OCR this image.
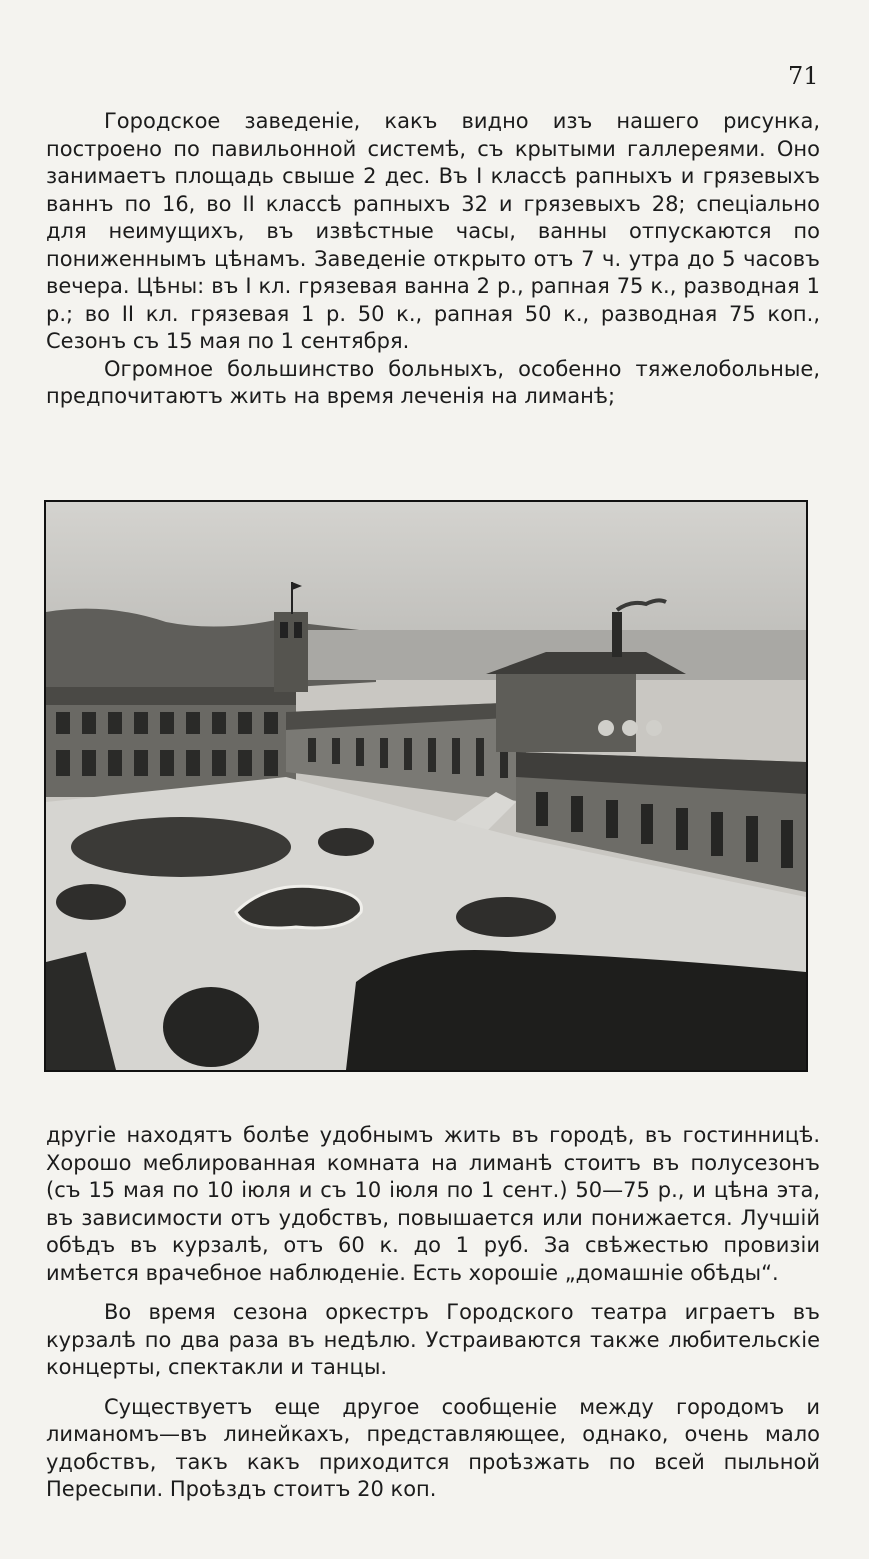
71

Городское заведеніе, какъ видно изъ нашего рисунка, построено по павильонной системѣ, съ крытыми галлереями. Оно занимаетъ площадь свыше 2 дес. Въ I классѣ рапныхъ и грязевыхъ ваннъ по 16, во II классѣ рапныхъ 32 и грязевыхъ 28; спеціально для неимущихъ, въ извѣстные часы, ванны отпускаются по пониженнымъ цѣнамъ. Заведеніе открыто отъ 7 ч. утра до 5 часовъ вечера. Цѣны: въ I кл. грязевая ванна 2 р., рапная 75 к., разводная 1 р.; во II кл. грязевая 1 р. 50 к., рапная 50 к., разводная 75 коп., Сезонъ съ 15 мая по 1 сентября.

Огромное большинство больныхъ, особенно тяжелобольные, предпочитаютъ жить на время леченія на лиманѣ;

другіе находятъ болѣе удобнымъ жить въ городѣ, въ гостинницѣ. Хорошо меблированная комната на лиманѣ стоитъ въ полусезонъ (съ 15 мая по 10 іюля и съ 10 іюля по 1 сент.) 50—75 р., и цѣна эта, въ зависимости отъ удобствъ, повышается или понижается. Лучшій обѣдъ въ курзалѣ, отъ 60 к. до 1 руб. За свѣжестью провизіи имѣется врачебное наблюденіе. Есть хорошіе „домашніе обѣды“.

Во время сезона оркестръ Городского театра играетъ въ курзалѣ по два раза въ недѣлю. Устраиваются также любительскіе концерты, спектакли и танцы.

Существуетъ еще другое сообщеніе между городомъ и лиманомъ—въ линейкахъ, представляющее, однако, очень мало удобствъ, такъ какъ приходится проѣзжать по всей пыльной Пересыпи. Проѣздъ стоитъ 20 коп.
